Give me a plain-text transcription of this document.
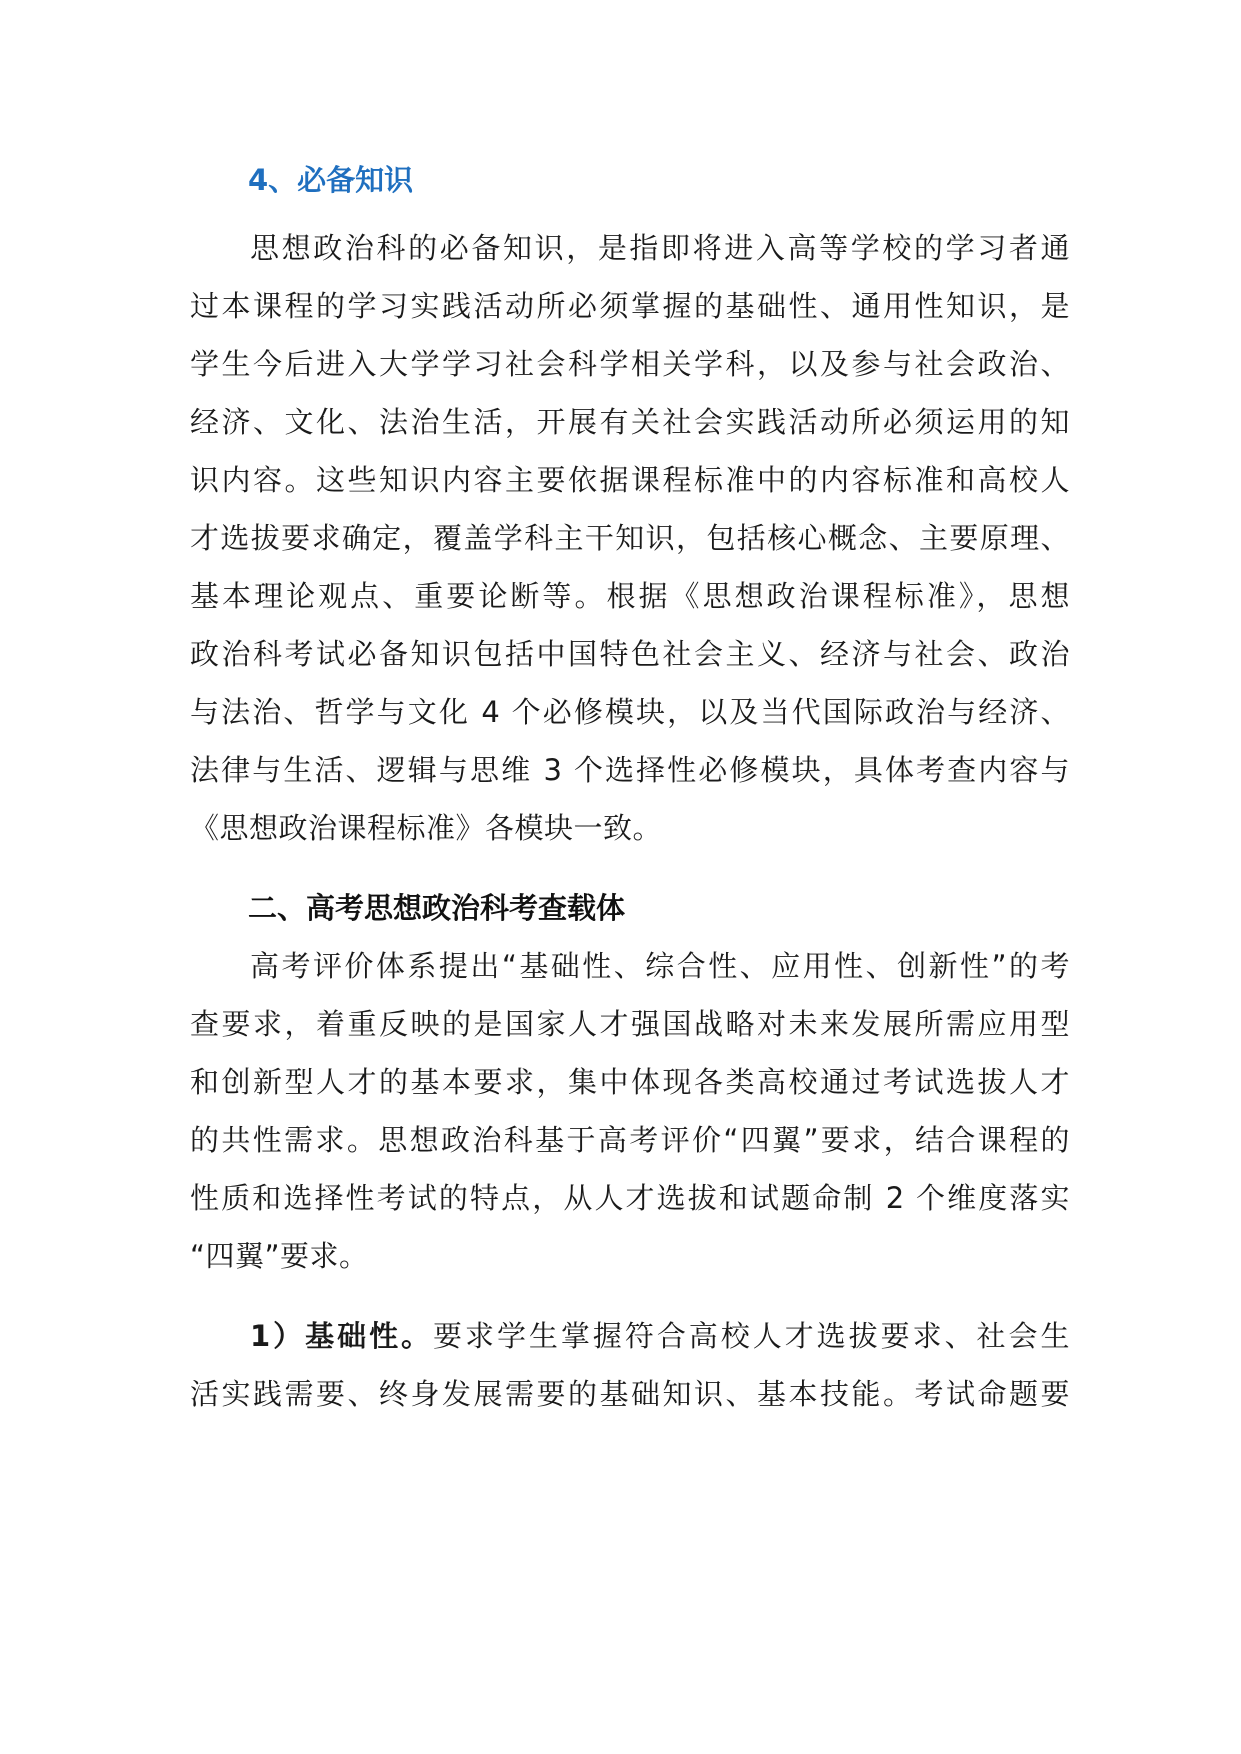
4、必备知识
思想政治科的必备知识，是指即将进入高等学校的学习者通
过本课程的学习实践活动所必须掌握的基础性、通用性知识，是
学生今后进入大学学习社会科学相关学科，以及参与社会政治、
经济、文化、法治生活，开展有关社会实践活动所必须运用的知
识内容。这些知识内容主要依据课程标准中的内容标准和高校人
才选拔要求确定，覆盖学科主干知识，包括核心概念、主要原理、
基本理论观点、重要论断等。根据《思想政治课程标准》，思想
政治科考试必备知识包括中国特色社会主义、经济与社会、政治
与法治、哲学与文化 4 个必修模块，以及当代国际政治与经济、
法律与生活、逻辑与思维 3 个选择性必修模块，具体考查内容与
《思想政治课程标准》各模块一致。
二、高考思想政治科考查载体
高考评价体系提出“基础性、综合性、应用性、创新性”的考
查要求，着重反映的是国家人才强国战略对未来发展所需应用型
和创新型人才的基本要求，集中体现各类高校通过考试选拔人才
的共性需求。思想政治科基于高考评价“四翼”要求，结合课程的
性质和选择性考试的特点，从人才选拔和试题命制 2 个维度落实
“四翼”要求。
1）基础性。要求学生掌握符合高校人才选拔要求、社会生
活实践需要、终身发展需要的基础知识、基本技能。考试命题要
